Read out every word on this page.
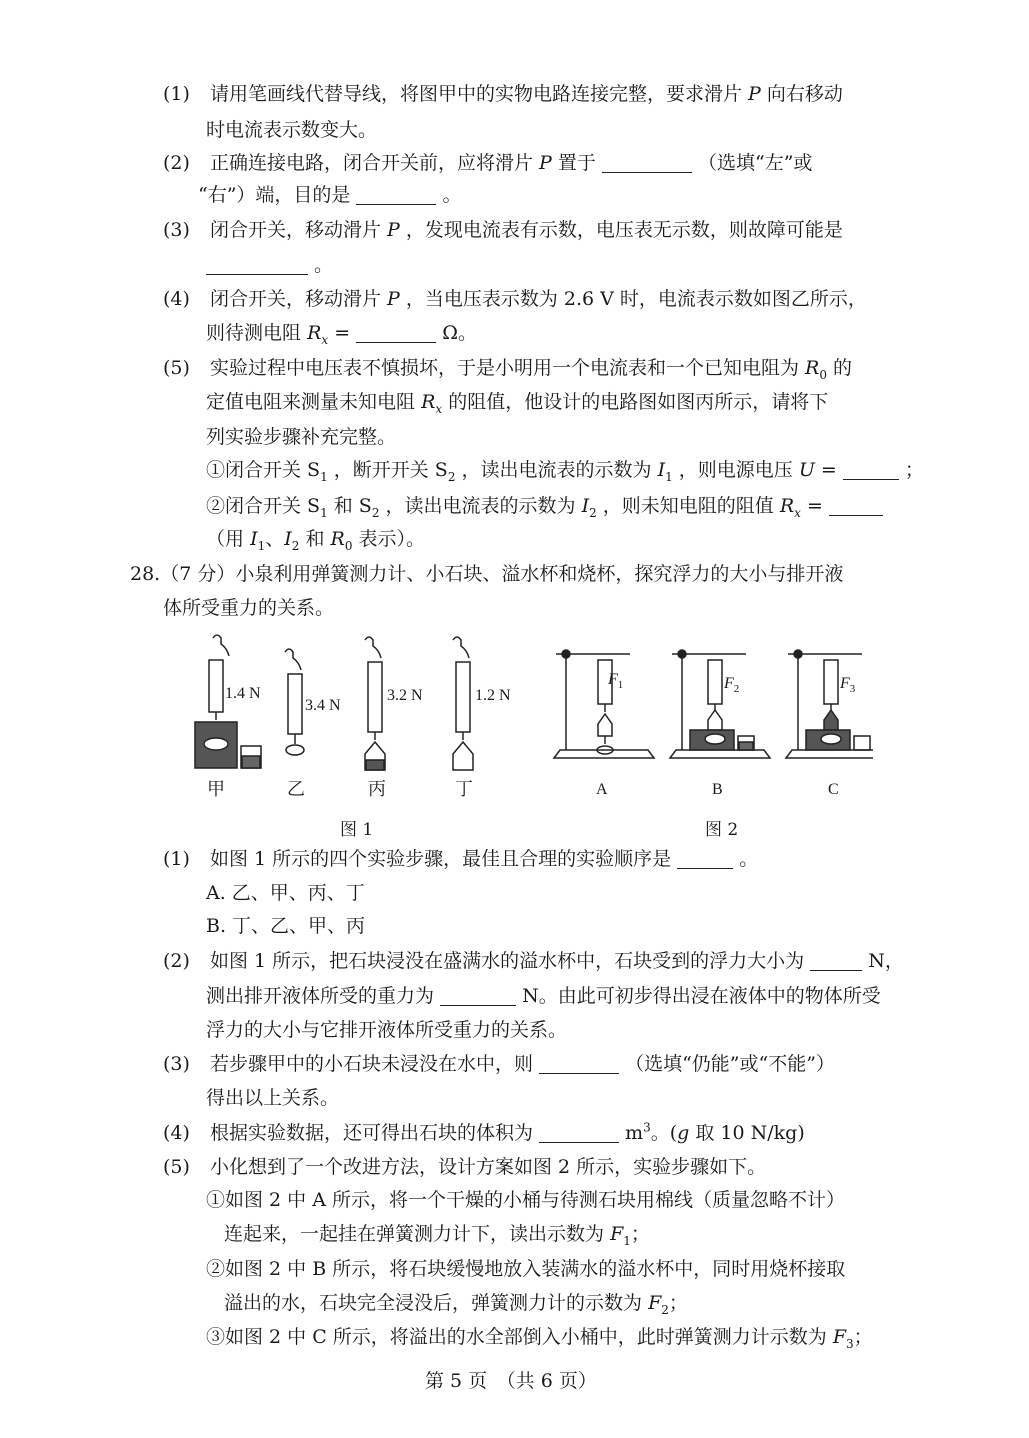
(1) 请用笔画线代替导线，将图甲中的实物电路连接完整，要求滑片 P 向右移动
时电流表示数变大。
(2) 正确连接电路，闭合开关前，应将滑片 P 置于	（选填“左”或
“右”）端，目的是	。
(3) 闭合开关，移动滑片 P ，发现电流表有示数，电压表无示数，则故障可能是
。
(4) 闭合开关，移动滑片 P ，当电压表示数为 2.6 V 时，电流表示数如图乙所示，
则待测电阻 $R_x$ =	Ω。
(5) 实验过程中电压表不慎损坏，于是小明用一个电流表和一个已知电阻为 $R_0$ 的
定值电阻来测量未知电阻 $R_x$ 的阻值，他设计的电路图如图丙所示，请将下
列实验步骤补充完整。
①闭合开关 $S_1$ ，断开开关 $S_2$ ，读出电流表的示数为 $I_1$ ，则电源电压 U =	；
②闭合开关 $S_1$ 和 $S_2$ ，读出电流表的示数为 $I_2$ ，则未知电阻的阻值 $R_x$ =
（用 $I_1$、$I_2$ 和 $R_0$ 表示）。
28.（7 分）小泉利用弹簧测力计、小石块、溢水杯和烧杯，探究浮力的大小与排开液
体所受重力的关系。
1.4 N
3.4 N
3.2 N	1.2 N
甲	乙	丙	丁
图 1
$F_1$	$F_2$	$F_3$
A	B	C
图 2
(1) 如图 1 所示的四个实验步骤，最佳且合理的实验顺序是	。
A. 乙、甲、丙、丁
B. 丁、乙、甲、丙
(2) 如图 1 所示，把石块浸没在盛满水的溢水杯中，石块受到的浮力大小为	N，
测出排开液体所受的重力为	N。由此可初步得出浸在液体中的物体所受
浮力的大小与它排开液体所受重力的关系。
(3) 若步骤甲中的小石块未浸没在水中，则	（选填“仍能”或“不能”）
得出以上关系。
(4) 根据实验数据，还可得出石块的体积为	$m^3$。(g 取 10 N/kg)
(5) 小化想到了一个改进方法，设计方案如图 2 所示，实验步骤如下。
①如图 2 中 A 所示，将一个干燥的小桶与待测石块用棉线（质量忽略不计）
连起来，一起挂在弹簧测力计下，读出示数为 $F_1$；
②如图 2 中 B 所示，将石块缓慢地放入装满水的溢水杯中，同时用烧杯接取
溢出的水，石块完全浸没后，弹簧测力计的示数为 $F_2$；
③如图 2 中 C 所示，将溢出的水全部倒入小桶中，此时弹簧测力计示数为 $F_3$；
第 5 页　（共 6 页）
